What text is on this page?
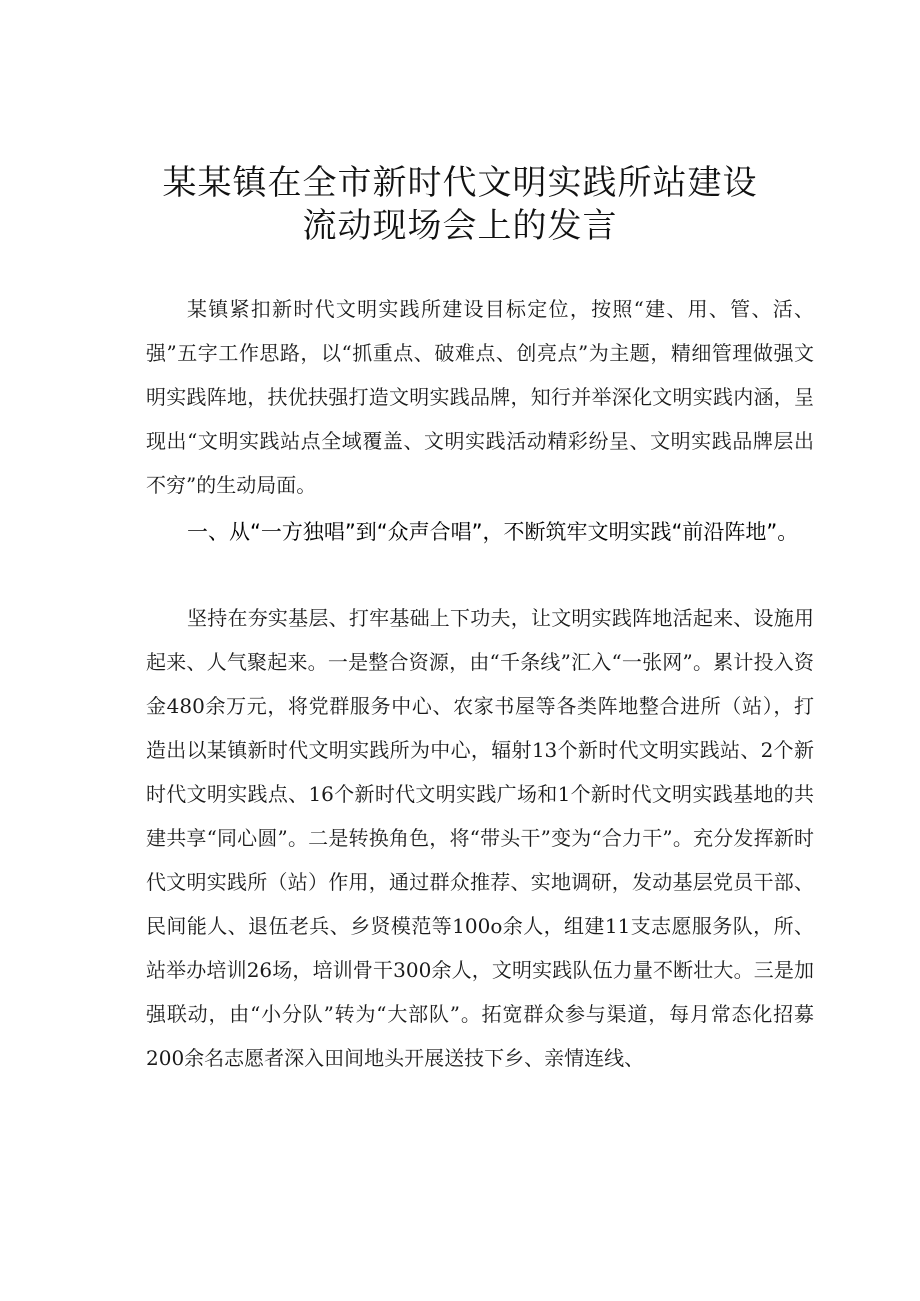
某某镇在全市新时代文明实践所站建设
流动现场会上的发言

某镇紧扣新时代文明实践所建设目标定位，按照“建、用、管、活、强”五字工作思路，以“抓重点、破难点、创亮点”为主题，精细管理做强文明实践阵地，扶优扶强打造文明实践品牌，知行并举深化文明实践内涵，呈现出“文明实践站点全域覆盖、文明实践活动精彩纷呈、文明实践品牌层出不穷”的生动局面。

一、从“一方独唱”到“众声合唱”，不断筑牢文明实践“前沿阵地”。

坚持在夯实基层、打牢基础上下功夫，让文明实践阵地活起来、设施用起来、人气聚起来。一是整合资源，由“千条线”汇入“一张网”。累计投入资金480余万元，将党群服务中心、农家书屋等各类阵地整合进所（站），打造出以某镇新时代文明实践所为中心，辐射13个新时代文明实践站、2个新时代文明实践点、16个新时代文明实践广场和1个新时代文明实践基地的共建共享“同心圆”。二是转换角色，将“带头干”变为“合力干”。充分发挥新时代文明实践所（站）作用，通过群众推荐、实地调研，发动基层党员干部、民间能人、退伍老兵、乡贤模范等100o余人，组建11支志愿服务队，所、站举办培训26场，培训骨干300余人，文明实践队伍力量不断壮大。三是加强联动，由“小分队”转为“大部队”。拓宽群众参与渠道，每月常态化招募200余名志愿者深入田间地头开展送技下乡、亲情连线、
